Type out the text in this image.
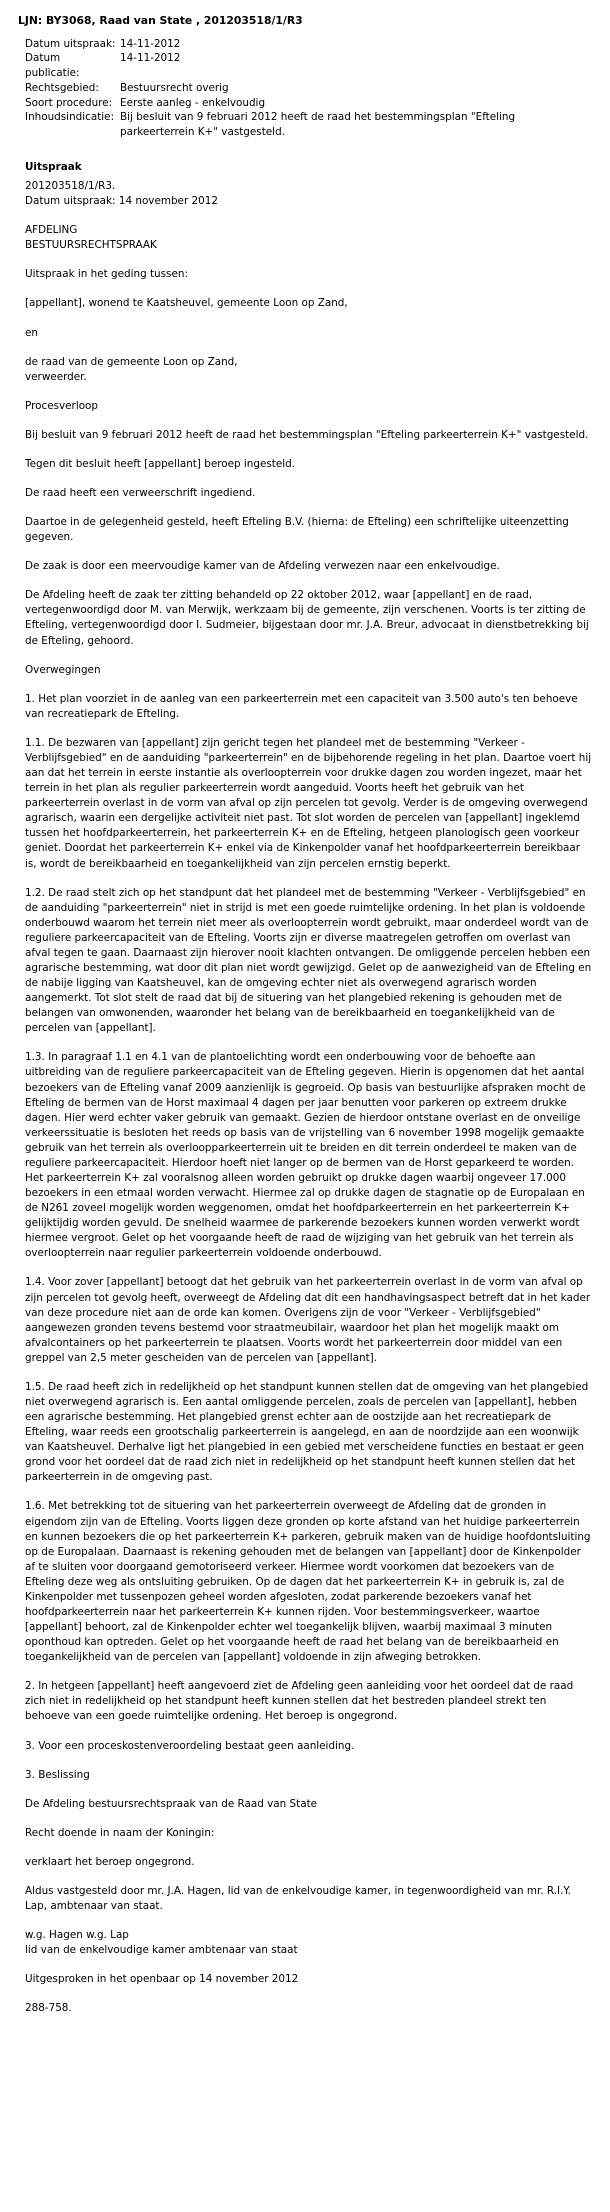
LJN: BY3068, Raad van State , 201203518/1/R3
Datum uitspraak:	14-11-2012
Datum publicatie:	14-11-2012
Rechtsgebied:	Bestuursrecht overig
Soort procedure:	Eerste aanleg - enkelvoudig
Inhoudsindicatie:	Bij besluit van 9 februari 2012 heeft de raad het bestemmingsplan "Efteling parkeerterrein K+" vastgesteld.
Uitspraak
201203518/1/R3.
Datum uitspraak: 14 november 2012
AFDELING
BESTUURSRECHTSPRAAK

Uitspraak in het geding tussen:

[appellant], wonend te Kaatsheuvel, gemeente Loon op Zand,

en

de raad van de gemeente Loon op Zand,
verweerder.

Procesverloop

Bij besluit van 9 februari 2012 heeft de raad het bestemmingsplan "Efteling parkeerterrein K+" vastgesteld.

Tegen dit besluit heeft [appellant] beroep ingesteld.

De raad heeft een verweerschrift ingediend.

Daartoe in de gelegenheid gesteld, heeft Efteling B.V. (hierna: de Efteling) een schriftelijke uiteenzetting gegeven.

De zaak is door een meervoudige kamer van de Afdeling verwezen naar een enkelvoudige.

De Afdeling heeft de zaak ter zitting behandeld op 22 oktober 2012, waar [appellant] en de raad, vertegenwoordigd door M. van Merwijk, werkzaam bij de gemeente, zijn verschenen. Voorts is ter zitting de Efteling, vertegenwoordigd door I. Sudmeier, bijgestaan door mr. J.A. Breur, advocaat in dienstbetrekking bij de Efteling, gehoord.

Overwegingen

1. Het plan voorziet in de aanleg van een parkeerterrein met een capaciteit van 3.500 auto's ten behoeve van recreatiepark de Efteling.

1.1. De bezwaren van [appellant] zijn gericht tegen het plandeel met de bestemming "Verkeer - Verblijfsgebied" en de aanduiding "parkeerterrein" en de bijbehorende regeling in het plan. Daartoe voert hij aan dat het terrein in eerste instantie als overloopterrein voor drukke dagen zou worden ingezet, maar het terrein in het plan als regulier parkeerterrein wordt aangeduid. Voorts heeft het gebruik van het parkeerterrein overlast in de vorm van afval op zijn percelen tot gevolg. Verder is de omgeving overwegend agrarisch, waarin een dergelijke activiteit niet past. Tot slot worden de percelen van [appellant] ingeklemd tussen het hoofdparkeerterrein, het parkeerterrein K+ en de Efteling, hetgeen planologisch geen voorkeur geniet. Doordat het parkeerterrein K+ enkel via de Kinkenpolder vanaf het hoofdparkeerterrein bereikbaar is, wordt de bereikbaarheid en toegankelijkheid van zijn percelen ernstig beperkt.

1.2. De raad stelt zich op het standpunt dat het plandeel met de bestemming "Verkeer - Verblijfsgebied" en de aanduiding "parkeerterrein" niet in strijd is met een goede ruimtelijke ordening. In het plan is voldoende onderbouwd waarom het terrein niet meer als overloopterrein wordt gebruikt, maar onderdeel wordt van de reguliere parkeercapaciteit van de Efteling. Voorts zijn er diverse maatregelen getroffen om overlast van afval tegen te gaan. Daarnaast zijn hierover nooit klachten ontvangen. De omliggende percelen hebben een agrarische bestemming, wat door dit plan niet wordt gewijzigd. Gelet op de aanwezigheid van de Efteling en de nabije ligging van Kaatsheuvel, kan de omgeving echter niet als overwegend agrarisch worden aangemerkt. Tot slot stelt de raad dat bij de situering van het plangebied rekening is gehouden met de belangen van omwonenden, waaronder het belang van de bereikbaarheid en toegankelijkheid van de percelen van [appellant].

1.3. In paragraaf 1.1 en 4.1 van de plantoelichting wordt een onderbouwing voor de behoefte aan uitbreiding van de reguliere parkeercapaciteit van de Efteling gegeven. Hierin is opgenomen dat het aantal bezoekers van de Efteling vanaf 2009 aanzienlijk is gegroeid. Op basis van bestuurlijke afspraken mocht de Efteling de bermen van de Horst maximaal 4 dagen per jaar benutten voor parkeren op extreem drukke dagen. Hier werd echter vaker gebruik van gemaakt. Gezien de hierdoor ontstane overlast en de onveilige verkeerssituatie is besloten het reeds op basis van de vrijstelling van 6 november 1998 mogelijk gemaakte gebruik van het terrein als overloopparkeerterrein uit te breiden en dit terrein onderdeel te maken van de reguliere parkeercapaciteit. Hierdoor hoeft niet langer op de bermen van de Horst geparkeerd te worden. Het parkeerterrein K+ zal vooralsnog alleen worden gebruikt op drukke dagen waarbij ongeveer 17.000 bezoekers in een etmaal worden verwacht. Hiermee zal op drukke dagen de stagnatie op de Europalaan en de N261 zoveel mogelijk worden weggenomen, omdat het hoofdparkeerterrein en het parkeerterrein K+ gelijktijdig worden gevuld. De snelheid waarmee de parkerende bezoekers kunnen worden verwerkt wordt hiermee vergroot. Gelet op het voorgaande heeft de raad de wijziging van het gebruik van het terrein als overloopterrein naar regulier parkeerterrein voldoende onderbouwd.

1.4. Voor zover [appellant] betoogt dat het gebruik van het parkeerterrein overlast in de vorm van afval op zijn percelen tot gevolg heeft, overweegt de Afdeling dat dit een handhavingsaspect betreft dat in het kader van deze procedure niet aan de orde kan komen. Overigens zijn de voor "Verkeer - Verblijfsgebied" aangewezen gronden tevens bestemd voor straatmeubilair, waardoor het plan het mogelijk maakt om afvalcontainers op het parkeerterrein te plaatsen. Voorts wordt het parkeerterrein door middel van een greppel van 2,5 meter gescheiden van de percelen van [appellant].

1.5. De raad heeft zich in redelijkheid op het standpunt kunnen stellen dat de omgeving van het plangebied niet overwegend agrarisch is. Een aantal omliggende percelen, zoals de percelen van [appellant], hebben een agrarische bestemming. Het plangebied grenst echter aan de oostzijde aan het recreatiepark de Efteling, waar reeds een grootschalig parkeerterrein is aangelegd, en aan de noordzijde aan een woonwijk van Kaatsheuvel. Derhalve ligt het plangebied in een gebied met verscheidene functies en bestaat er geen grond voor het oordeel dat de raad zich niet in redelijkheid op het standpunt heeft kunnen stellen dat het parkeerterrein in de omgeving past.

1.6. Met betrekking tot de situering van het parkeerterrein overweegt de Afdeling dat de gronden in eigendom zijn van de Efteling. Voorts liggen deze gronden op korte afstand van het huidige parkeerterrein en kunnen bezoekers die op het parkeerterrein K+ parkeren, gebruik maken van de huidige hoofdontsluiting op de Europalaan. Daarnaast is rekening gehouden met de belangen van [appellant] door de Kinkenpolder af te sluiten voor doorgaand gemotoriseerd verkeer. Hiermee wordt voorkomen dat bezoekers van de Efteling deze weg als ontsluiting gebruiken. Op de dagen dat het parkeerterrein K+ in gebruik is, zal de Kinkenpolder met tussenpozen geheel worden afgesloten, zodat parkerende bezoekers vanaf het hoofdparkeerterrein naar het parkeerterrein K+ kunnen rijden. Voor bestemmingsverkeer, waartoe [appellant] behoort, zal de Kinkenpolder echter wel toegankelijk blijven, waarbij maximaal 3 minuten oponthoud kan optreden. Gelet op het voorgaande heeft de raad het belang van de bereikbaarheid en toegankelijkheid van de percelen van [appellant] voldoende in zijn afweging betrokken.

2. In hetgeen [appellant] heeft aangevoerd ziet de Afdeling geen aanleiding voor het oordeel dat de raad zich niet in redelijkheid op het standpunt heeft kunnen stellen dat het bestreden plandeel strekt ten behoeve van een goede ruimtelijke ordening. Het beroep is ongegrond.

3. Voor een proceskostenveroordeling bestaat geen aanleiding.

3. Beslissing

De Afdeling bestuursrechtspraak van de Raad van State

Recht doende in naam der Koningin:

verklaart het beroep ongegrond.

Aldus vastgesteld door mr. J.A. Hagen, lid van de enkelvoudige kamer, in tegenwoordigheid van mr. R.I.Y. Lap, ambtenaar van staat.

w.g. Hagen w.g. Lap
lid van de enkelvoudige kamer ambtenaar van staat

Uitgesproken in het openbaar op 14 november 2012

288-758.
